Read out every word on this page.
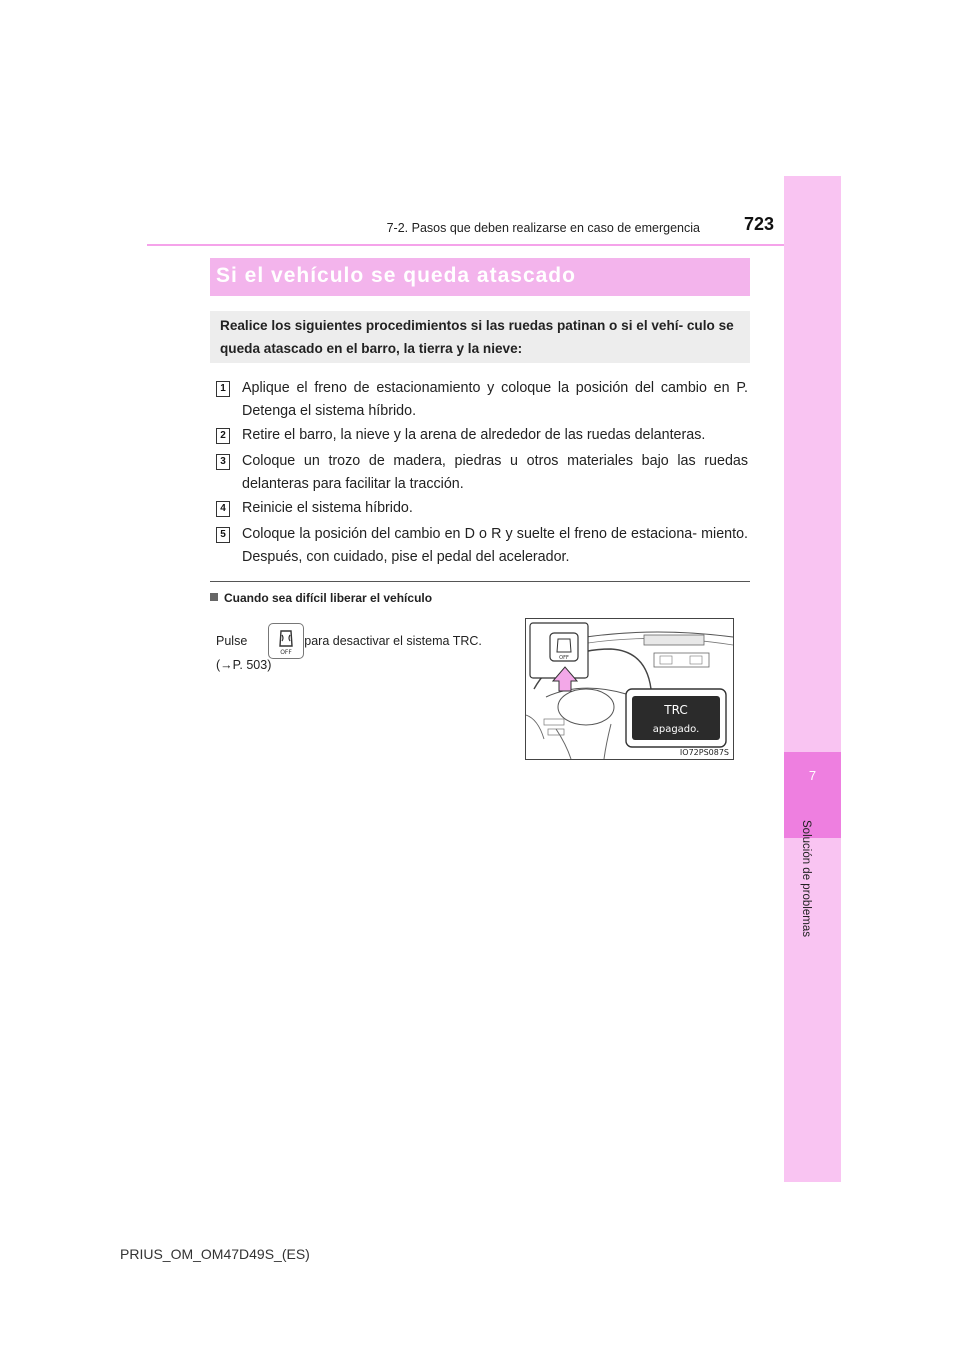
7
Solución de problemas
7-2. Pasos que deben realizarse en caso de emergencia	723
Si el vehículo se queda atascado
Realice los siguientes procedimientos si las ruedas patinan o si el vehí- culo se queda atascado en el barro, la tierra y la nieve:
1 Aplique el freno de estacionamiento y coloque la posición del cambio en P. Detenga el sistema híbrido.
2 Retire el barro, la nieve y la arena de alrededor de las ruedas delanteras.
3 Coloque un trozo de madera, piedras u otros materiales bajo las ruedas delanteras para facilitar la tracción.
4 Reinicie el sistema híbrido.
5 Coloque la posición del cambio en D o R y suelte el freno de estaciona- miento. Después, con cuidado, pise el pedal del acelerador.
Cuando sea difícil liberar el vehículo
Pulse	para desactivar el sistema TRC.
OFF
(→P. 503)	OFF
TRC
apagado.
IO72PS087S
PRIUS_OM_OM47D49S_(ES)
